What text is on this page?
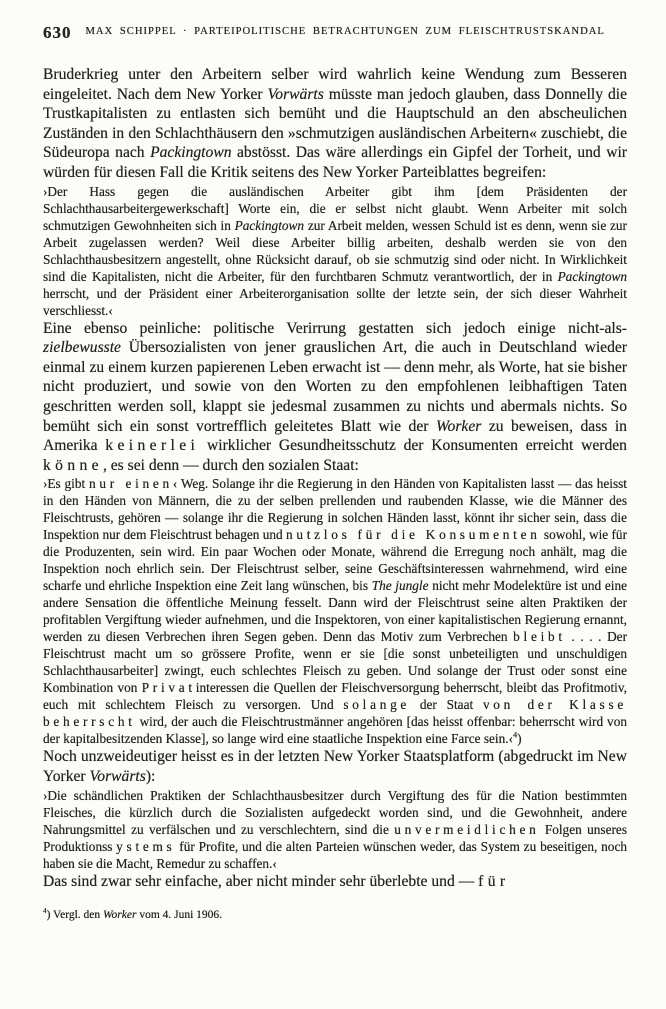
630 MAX SCHIPPEL · PARTEIPOLITISCHE BETRACHTUNGEN ZUM FLEISCHTRUSTSKANDAL

Bruderkrieg unter den Arbeitern selber wird wahrlich keine Wendung zum Besseren eingeleitet. Nach dem New Yorker Vorwärts müsste man jedoch glauben, dass Donnelly die Trustkapitalisten zu entlasten sich bemüht und die Hauptschuld an den abscheulichen Zuständen in den Schlachthäusern den »schmutzigen ausländischen Arbeitern« zuschiebt, die Südeuropa nach Packingtown abstösst. Das wäre allerdings ein Gipfel der Torheit, und wir würden für diesen Fall die Kritik seitens des New Yorker Parteiblattes begreifen:

›Der Hass gegen die ausländischen Arbeiter gibt ihm [dem Präsidenten der Schlachthausarbeitergewerkschaft] Worte ein, die er selbst nicht glaubt. Wenn Arbeiter mit solch schmutzigen Gewohnheiten sich in Packingtown zur Arbeit melden, wessen Schuld ist es denn, wenn sie zur Arbeit zugelassen werden? Weil diese Arbeiter billig arbeiten, deshalb werden sie von den Schlachthausbesitzern angestellt, ohne Rücksicht darauf, ob sie schmutzig sind oder nicht. In Wirklichkeit sind die Kapitalisten, nicht die Arbeiter, für den furchtbaren Schmutz verantwortlich, der in Packingtown herrscht, und der Präsident einer Arbeiterorganisation sollte der letzte sein, der sich dieser Wahrheit verschliesst.‹

Eine ebenso peinliche: politische Verirrung gestatten sich jedoch einige nicht-als-zielbewusste Übersozialisten von jener grauslichen Art, die auch in Deutschland wieder einmal zu einem kurzen papierenen Leben erwacht ist — denn mehr, als Worte, hat sie bisher nicht produziert, und sowie von den Worten zu den empfohlenen leibhaftigen Taten geschritten werden soll, klappt sie jedesmal zusammen zu nichts und abermals nichts. So bemüht sich ein sonst vortrefflich geleitetes Blatt wie der Worker zu beweisen, dass in Amerika keinerlei wirklicher Gesundheitsschutz der Konsumenten erreicht werden könne, es sei denn — durch den sozialen Staat:

›Es gibt nur einen‹ Weg. Solange ihr die Regierung in den Händen von Kapitalisten lasst — das heisst in den Händen von Männern, die zu der selben prellenden und raubenden Klasse, wie die Männer des Fleischtrusts, gehören — solange ihr die Regierung in solchen Händen lasst, könnt ihr sicher sein, dass die Inspektion nur dem Fleischtrust behagen und nutzlos für die Konsumenten sowohl, wie für die Produzenten, sein wird. Ein paar Wochen oder Monate, während die Erregung noch anhält, mag die Inspektion noch ehrlich sein. Der Fleischtrust selber, seine Geschäftsinteressen wahrnehmend, wird eine scharfe und ehrliche Inspektion eine Zeit lang wünschen, bis The jungle nicht mehr Modelektüre ist und eine andere Sensation die öffentliche Meinung fesselt. Dann wird der Fleischtrust seine alten Praktiken der profitablen Vergiftung wieder aufnehmen, und die Inspektoren, von einer kapitalistischen Regierung ernannt, werden zu diesen Verbrechen ihren Segen geben. Denn das Motiv zum Verbrechen bleibt . . . . Der Fleischtrust macht um so grössere Profite, wenn er sie [die sonst unbeteiligten und unschuldigen Schlachthausarbeiter] zwingt, euch schlechtes Fleisch zu geben. Und solange der Trust oder sonst eine Kombination von Privatinteressen die Quellen der Fleischversorgung beherrscht, bleibt das Profitmotiv, euch mit schlechtem Fleisch zu versorgen. Und solange der Staat von der Klasse beherrscht wird, der auch die Fleischtrustmänner angehören [das heisst offenbar: beherrscht wird von der kapitalbesitzenden Klasse], so lange wird eine staatliche Inspektion eine Farce sein.‹$^4$)

Noch unzweideutiger heisst es in der letzten New Yorker Staatsplatform (abgedruckt im New Yorker Vorwärts):

›Die schändlichen Praktiken der Schlachthausbesitzer durch Vergiftung des für die Nation bestimmten Fleisches, die kürzlich durch die Sozialisten aufgedeckt worden sind, und die Gewohnheit, andere Nahrungsmittel zu verfälschen und zu verschlechtern, sind die unvermeidlichen Folgen unseres Produktionssystems für Profite, und die alten Parteien wünschen weder, das System zu beseitigen, noch haben sie die Macht, Remedur zu schaffen.‹

Das sind zwar sehr einfache, aber nicht minder sehr überlebte und — für

$^4$) Vergl. den Worker vom 4. Juni 1906.
